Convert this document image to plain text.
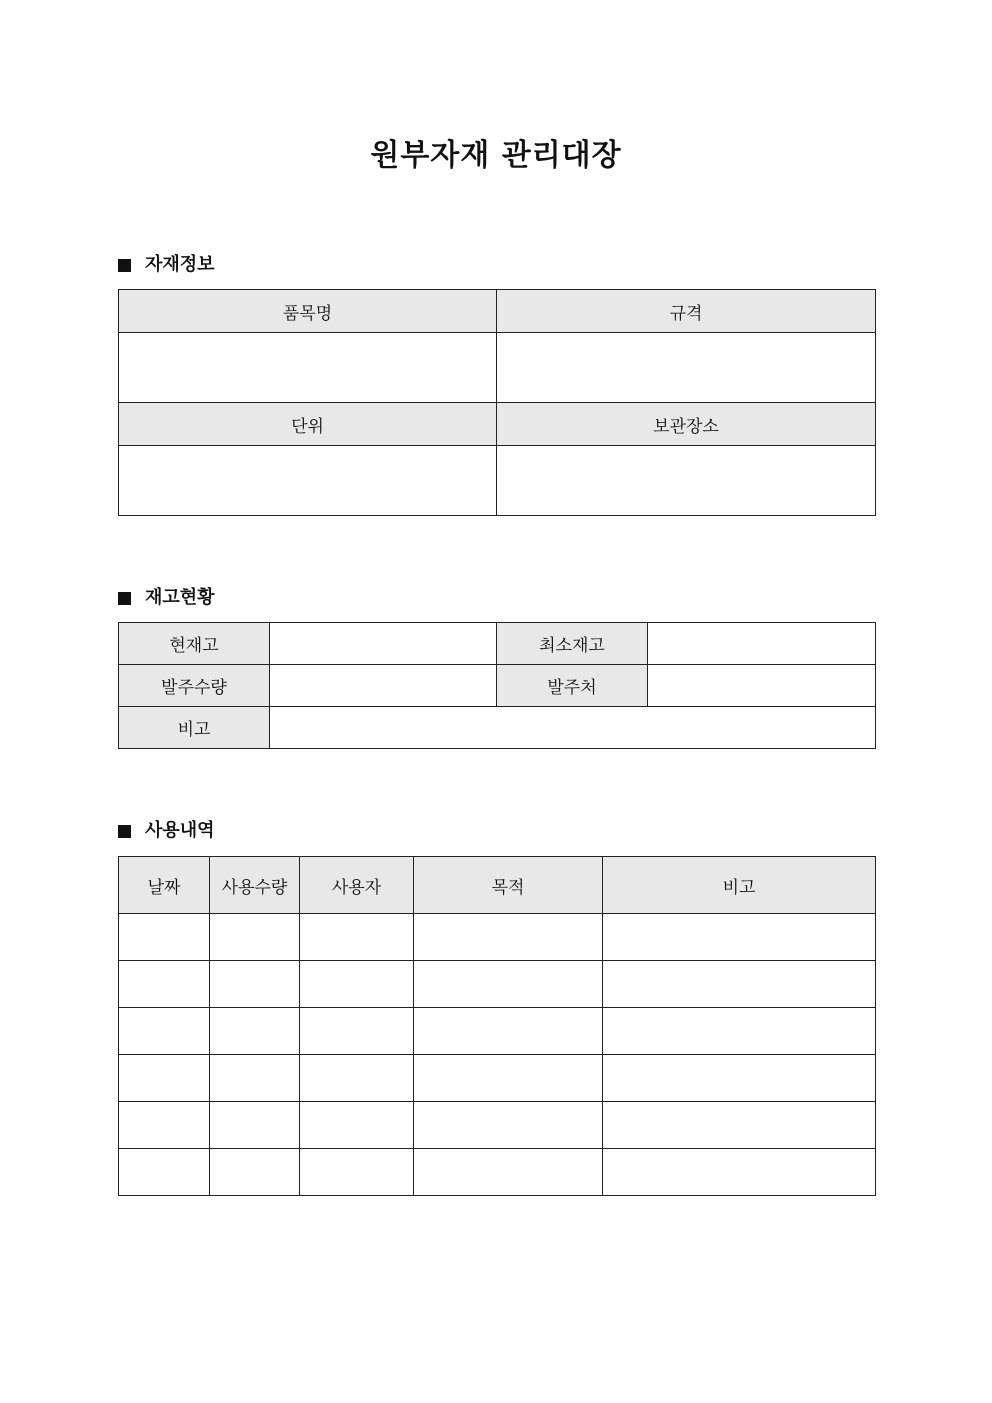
원부자재 관리대장
자재정보
품목명	규격

단위	보관장소

재고현황
현재고		최소재고	
발주수량		발주처	
비고			
사용내역
날짜	사용수량	사용자	목적	비고
